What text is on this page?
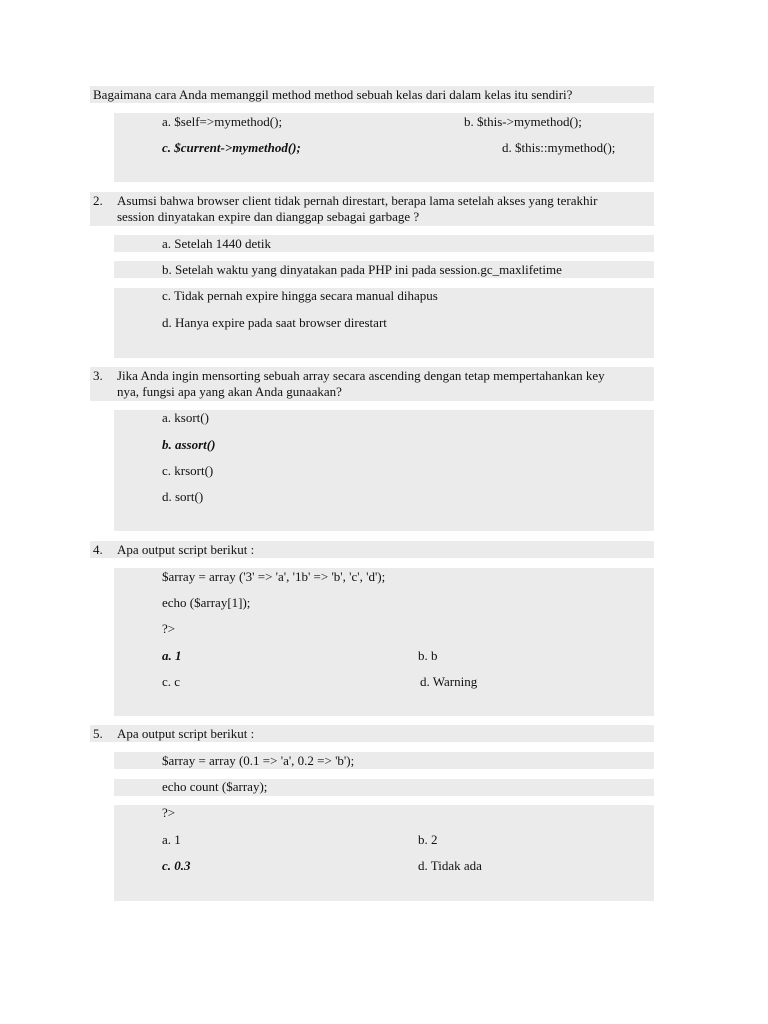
Bagaimana cara Anda memanggil method method sebuah kelas dari dalam kelas itu sendiri?
a. $self=>mymethod();	b. $this->mymethod();
c. $current->mymethod();	d. $this::mymethod();
2. Asumsi bahwa browser client tidak pernah direstart, berapa lama setelah akses yang terakhir
session dinyatakan expire dan dianggap sebagai garbage ?
a. Setelah 1440 detik
b. Setelah waktu yang dinyatakan pada PHP ini pada session.gc_maxlifetime
c. Tidak pernah expire hingga secara manual dihapus
d. Hanya expire pada saat browser direstart
3. Jika Anda ingin mensorting sebuah array secara ascending dengan tetap mempertahankan key
nya, fungsi apa yang akan Anda gunaakan?
a. ksort()
b. assort()
c. krsort()
d. sort()
4. Apa output script berikut :
$array = array ('3' => 'a', '1b' => 'b', 'c', 'd');
echo ($array[1]);
?>
a. 1	b. b
c. c	d. Warning
5. Apa output script berikut :
$array = array (0.1 => 'a', 0.2 => 'b');
echo count ($array);
?>
a. 1	b. 2
c. 0.3	d. Tidak ada
